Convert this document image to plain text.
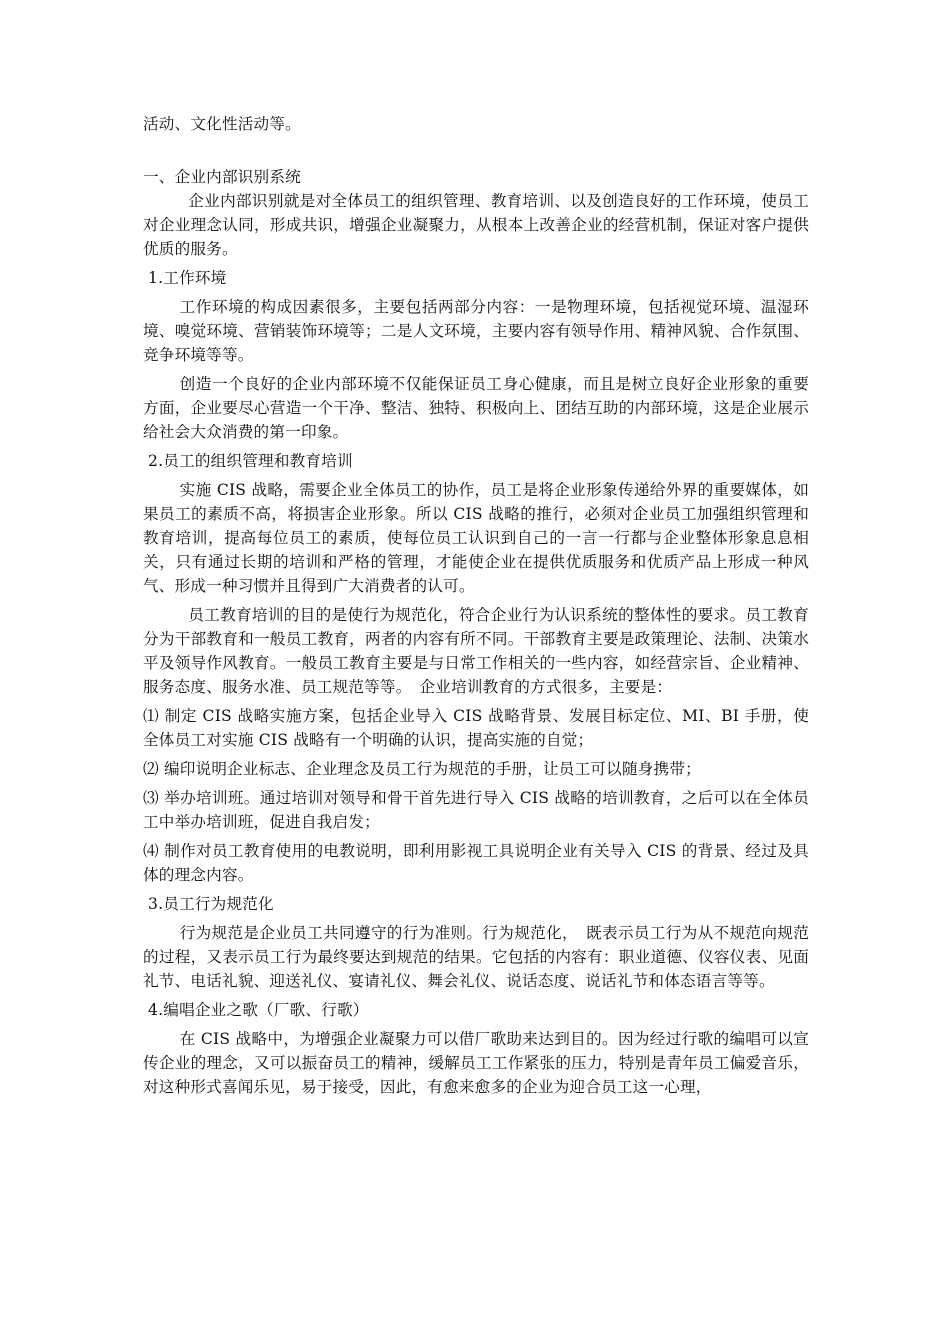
活动、文化性活动等。

一、企业内部识别系统

企业内部识别就是对全体员工的组织管理、教育培训、以及创造良好的工作环境，使员工对企业理念认同，形成共识，增强企业凝聚力，从根本上改善企业的经营机制，保证对客户提供优质的服务。

1.工作环境

工作环境的构成因素很多，主要包括两部分内容：一是物理环境，包括视觉环境、温湿环境、嗅觉环境、营销装饰环境等；二是人文环境，主要内容有领导作用、精神风貌、合作氛围、竞争环境等等。

创造一个良好的企业内部环境不仅能保证员工身心健康，而且是树立良好企业形象的重要方面，企业要尽心营造一个干净、整洁、独特、积极向上、团结互助的内部环境，这是企业展示给社会大众消费的第一印象。

2.员工的组织管理和教育培训

实施 CIS 战略，需要企业全体员工的协作，员工是将企业形象传递给外界的重要媒体，如果员工的素质不高，将损害企业形象。所以 CIS 战略的推行，必须对企业员工加强组织管理和教育培训，提高每位员工的素质，使每位员工认识到自己的一言一行都与企业整体形象息息相关，只有通过长期的培训和严格的管理，才能使企业在提供优质服务和优质产品上形成一种风气、形成一种习惯并且得到广大消费者的认可。

员工教育培训的目的是使行为规范化，符合企业行为认识系统的整体性的要求。员工教育分为干部教育和一般员工教育，两者的内容有所不同。干部教育主要是政策理论、法制、决策水平及领导作风教育。一般员工教育主要是与日常工作相关的一些内容，如经营宗旨、企业精神、服务态度、服务水准、员工规范等等。　企业培训教育的方式很多，主要是：

⑴ 制定 CIS 战略实施方案，包括企业导入 CIS 战略背景、发展目标定位、MI、BI 手册，使全体员工对实施 CIS 战略有一个明确的认识，提高实施的自觉；

⑵ 编印说明企业标志、企业理念及员工行为规范的手册，让员工可以随身携带；

⑶ 举办培训班。通过培训对领导和骨干首先进行导入 CIS 战略的培训教育，之后可以在全体员工中举办培训班，促进自我启发；

⑷ 制作对员工教育使用的电教说明，即利用影视工具说明企业有关导入 CIS 的背景、经过及具体的理念内容。

3.员工行为规范化

行为规范是企业员工共同遵守的行为准则。行为规范化，　既表示员工行为从不规范向规范的过程，又表示员工行为最终要达到规范的结果。它包括的内容有：职业道德、仪容仪表、见面礼节、电话礼貌、迎送礼仪、宴请礼仪、舞会礼仪、说话态度、说话礼节和体态语言等等。

4.编唱企业之歌（厂歌、行歌）

在 CIS 战略中，为增强企业凝聚力可以借厂歌助来达到目的。因为经过行歌的编唱可以宣传企业的理念，又可以振奋员工的精神，缓解员工工作紧张的压力，特别是青年员工偏爱音乐，对这种形式喜闻乐见，易于接受，因此，有愈来愈多的企业为迎合员工这一心理，
